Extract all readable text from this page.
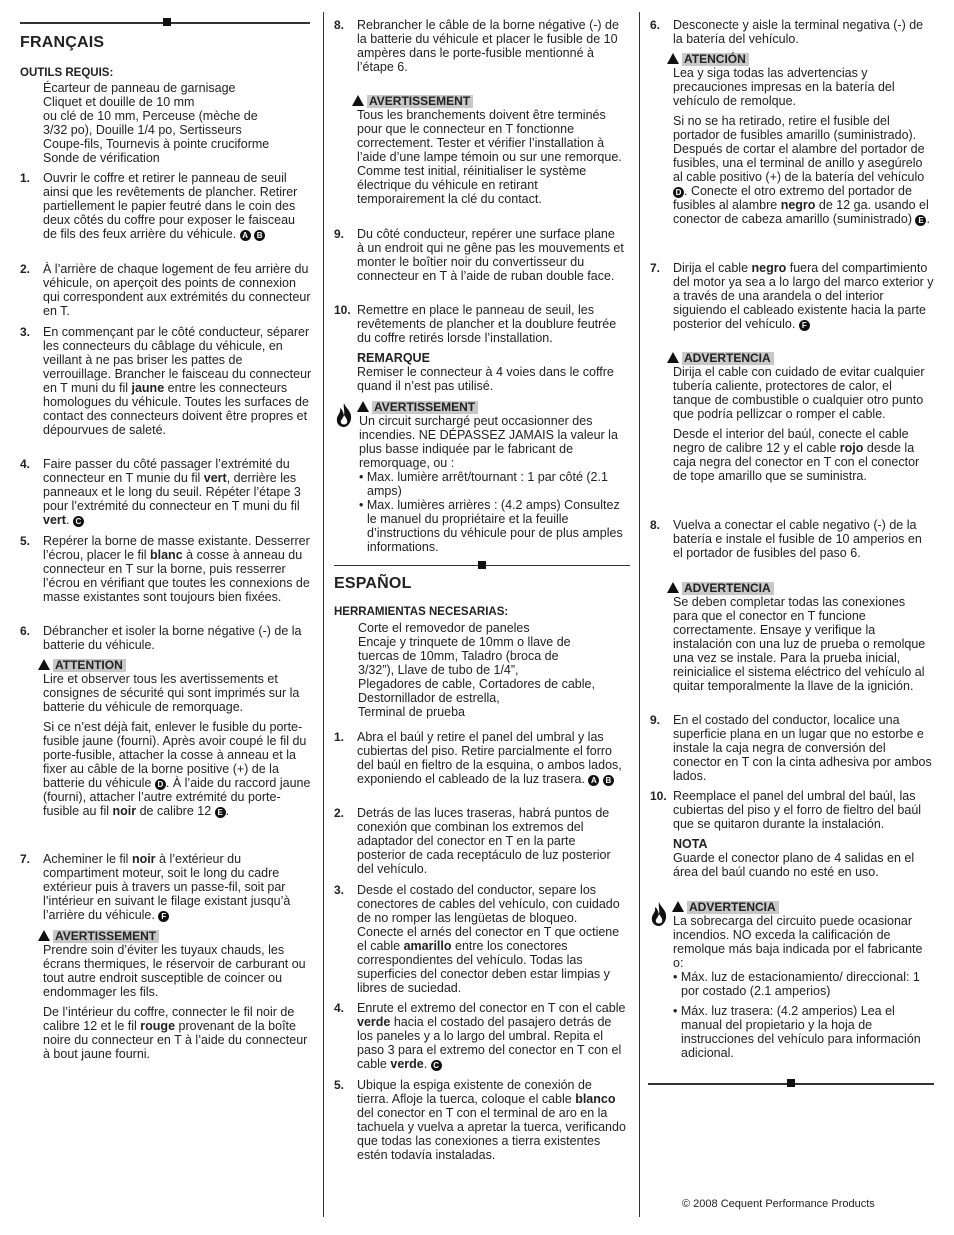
FRANÇAIS
OUTILS REQUIS:
Écarteur de panneau de garnisage
Cliquet et douille de 10 mm
ou clé de 10 mm, Perceuse (mèche de
3/32 po), Douille 1/4 po, Sertisseurs
Coupe-fils, Tournevis à pointe cruciforme
Sonde de vérification
1. Ouvrir le coffre et retirer le panneau de seuil ainsi que les revêtements de plancher. Retirer partiellement le papier feutré dans le coin des deux côtés du coffre pour exposer le faisceau de fils des feux arrière du véhicule. A B
2. À l’arrière de chaque logement de feu arrière du véhicule, on aperçoit des points de connexion qui correspondent aux extrémités du connecteur en T.
3. En commençant par le côté conducteur, séparer les connecteurs du câblage du véhicule, en veillant à ne pas briser les pattes de verrouillage. Brancher le faisceau du connecteur en T muni du fil jaune entre les connecteurs homologues du véhicule. Toutes les surfaces de contact des connecteurs doivent être propres et dépourvues de saleté.
4. Faire passer du côté passager l’extrémité du connecteur en T munie du fil vert, derrière les panneaux et le long du seuil. Répéter l’étape 3 pour l’extrémité du connecteur en T muni du fil vert. C
5. Repérer la borne de masse existante. Desserrer l’écrou, placer le fil blanc à cosse à anneau du connecteur en T sur la borne, puis resserrer l’écrou en vérifiant que toutes les connexions de masse existantes sont toujours bien fixées.
6. Débrancher et isoler la borne négative (-) de la batterie du véhicule.
ATTENTION
Lire et observer tous les avertissements et consignes de sécurité qui sont imprimés sur la batterie du véhicule de remorquage.
Si ce n’est déjà fait, enlever le fusible du porte-fusible jaune (fourni). Après avoir coupé le fil du porte-fusible, attacher la cosse à anneau et la fixer au câble de la borne positive (+) de la batterie du véhicule D . À l’aide du raccord jaune (fourni), attacher l’autre extrémité du porte-fusible au fil noir de calibre 12 E .
7. Acheminer le fil noir à l’extérieur du compartiment moteur, soit le long du cadre extérieur puis à travers un passe-fil, soit par l’intérieur en suivant le filage existant jusqu’à l’arrière du véhicule. F
AVERTISSEMENT
Prendre soin d’éviter les tuyaux chauds, les écrans thermiques, le réservoir de carburant ou tout autre endroit susceptible de coincer ou endommager les fils.
De l’intérieur du coffre, connecter le fil noir de calibre 12 et le fil rouge provenant de la boîte noire du connecteur en T à l’aide du connecteur à bout jaune fourni.
8. Rebrancher le câble de la borne négative (-) de la batterie du véhicule et placer le fusible de 10 ampères dans le porte-fusible mentionné à l’étape 6.
AVERTISSEMENT
Tous les branchements doivent être terminés pour que le connecteur en T fonctionne correctement. Tester et vérifier l’installation à l’aide d’une lampe témoin ou sur une remorque. Comme test initial, réinitialiser le système électrique du véhicule en retirant temporairement la clé du contact.
9. Du côté conducteur, repérer une surface plane à un endroit qui ne gêne pas les mouvements et monter le boîtier noir du convertisseur du connecteur en T à l’aide de ruban double face.
10. Remettre en place le panneau de seuil, les revêtements de plancher et la doublure feutrée du coffre retirés lorsde l’installation.
REMARQUE
Remiser le connecteur à 4 voies dans le coffre quand il n’est pas utilisé.
AVERTISSEMENT
Un circuit surchargé peut occasionner des incendies. NE DÉPASSEZ JAMAIS la valeur la plus basse indiquée par le fabricant de remorquage, ou :
• Max. lumière arrêt/tournant : 1 par côté (2.1 amps)
• Max. lumières arrières : (4.2 amps) Consultez le manuel du propriétaire et la feuille d’instructions du véhicule pour de plus amples informations.
ESPAÑOL
HERRAMIENTAS NECESARIAS:
Corte el removedor de paneles
Encaje y trinquete de 10mm o llave de
tuercas de 10mm, Taladro (broca de
3/32”), Llave de tubo de 1/4”,
Plegadores de cable, Cortadores de cable,
Destornillador de estrella,
Terminal de prueba
1. Abra el baúl y retire el panel del umbral y las cubiertas del piso. Retire parcialmente el forro del baúl en fieltro de la esquina, o ambos lados, exponiendo el cableado de la luz trasera. A B
2. Detrás de las luces traseras, habrá puntos de conexión que combinan los extremos del adaptador del conector en T en la parte posterior de cada receptáculo de luz posterior del vehículo.
3. Desde el costado del conductor, separe los conectores de cables del vehículo, con cuidado de no romper las lengüetas de bloqueo. Conecte el arnés del conector en T que octiene el cable amarillo entre los conectores correspondientes del vehículo. Todas las superficies del conector deben estar limpias y libres de suciedad.
4. Enrute el extremo del conector en T con el cable verde hacia el costado del pasajero detrás de los paneles y a lo largo del umbral. Repita el paso 3 para el extremo del conector en T con el cable verde. C
5. Ubique la espiga existente de conexión de tierra. Afloje la tuerca, coloque el cable blanco del conector en T con el terminal de aro en la tachuela y vuelva a apretar la tuerca, verificando que todas las conexiones a tierra existentes estén todavía instaladas.
6. Desconecte y aisle la terminal negativa (-) de la batería del vehículo.
ATENCIÓN
Lea y siga todas las advertencias y precauciones impresas en la batería del vehículo de remolque.
Si no se ha retirado, retire el fusible del portador de fusibles amarillo (suministrado). Después de cortar el alambre del portador de fusibles, una el terminal de anillo y asegúrelo al cable positivo (+) de la batería del vehículo D . Conecte el otro extremo del portador de fusibles al alambre negro de 12 ga. usando el conector de cabeza amarillo (suministrado) E .
7. Dirija el cable negro fuera del compartimiento del motor ya sea a lo largo del marco exterior y a través de una arandela o del interior siguiendo el cableado existente hacia la parte posterior del vehículo. F
ADVERTENCIA
Dirija el cable con cuidado de evitar cualquier tubería caliente, protectores de calor, el tanque de combustible o cualquier otro punto que podría pellizcar o romper el cable.
Desde el interior del baúl, conecte el cable negro de calibre 12 y el cable rojo desde la caja negra del conector en T con el conector de tope amarillo que se suministra.
8. Vuelva a conectar el cable negativo (-) de la batería e instale el fusible de 10 amperios en el portador de fusibles del paso 6.
ADVERTENCIA
Se deben completar todas las conexiones para que el conector en T funcione correctamente. Ensaye y verifique la instalación con una luz de prueba o remolque una vez se instale. Para la prueba inicial, reinicialice el sistema eléctrico del vehículo al quitar temporalmente la llave de la ignición.
9. En el costado del conductor, localice una superficie plana en un lugar que no estorbe e instale la caja negra de conversión del conector en T con la cinta adhesiva por ambos lados.
10. Reemplace el panel del umbral del baúl, las cubiertas del piso y el forro de fieltro del baúl que se quitaron durante la instalación.
NOTA
Guarde el conector plano de 4 salidas en el área del baúl cuando no esté en uso.
ADVERTENCIA
La sobrecarga del circuito puede ocasionar incendios. NO exceda la calificación de remolque más baja indicada por el fabricante o:
• Máx. luz de estacionamiento/ direccional: 1 por costado (2.1 amperios)
• Máx. luz trasera: (4.2 amperios) Lea el manual del propietario y la hoja de instrucciones del vehículo para información adicional.
© 2008 Cequent Performance Products
